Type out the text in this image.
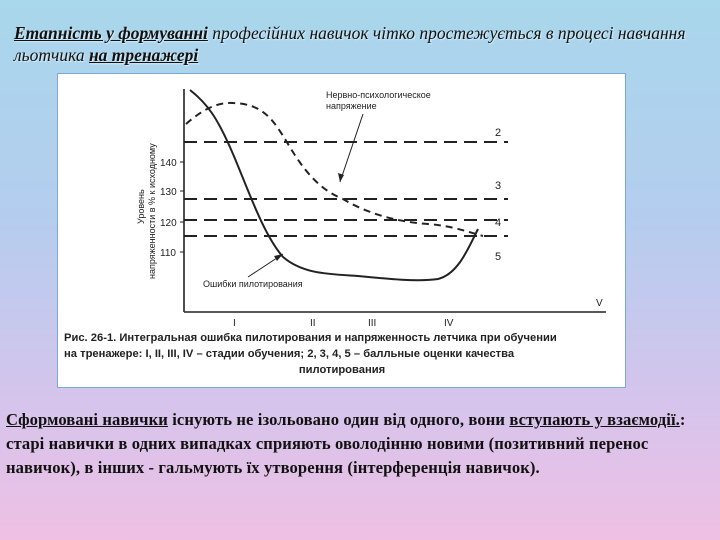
Етапність у формуванні професійних навичок чітко простежується в процесі навчання льотчика на тренажері
140
130
120
110
Уровень напряженности в % к исходному
2
3
4
5
Нервно-психологическое
напряжение
Ошибки пилотирования
I	II	III	IV
V
Рис. 26-1. Интегральная ошибка пилотирования и напряженность летчика при обучении
на тренажере: I, II, III, IV – стадии обучения; 2, 3, 4, 5 – балльные оценки качества
пилотирования
Сформовані навички існують не ізольовано один від одного, вони вступають у взаємодії.: старі навички в одних випадках сприяють оволодінню новими (позитивний перенос навичок), в інших - гальмують їх утворення (інтерференція навичок).
